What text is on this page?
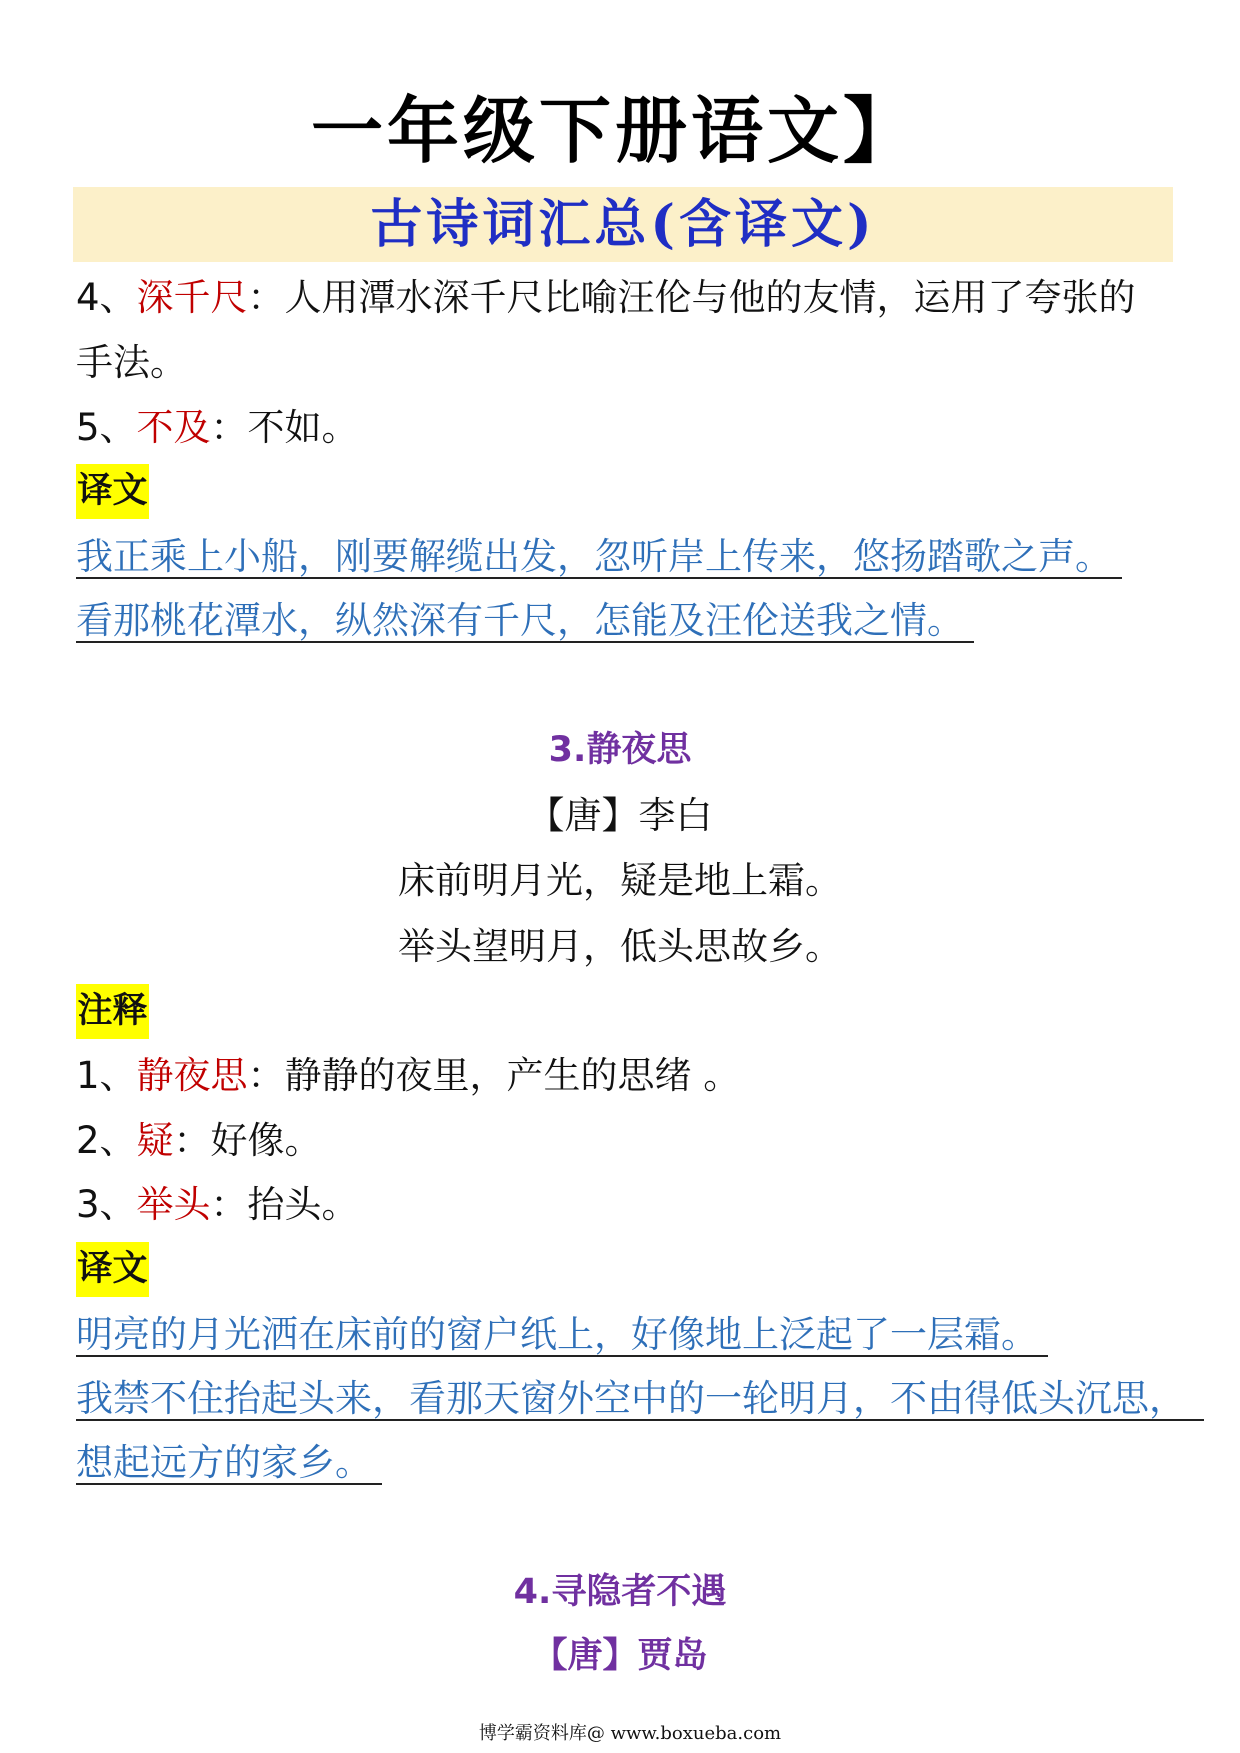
一年级下册语文】
古诗词汇总(含译文)
4、深千尺：人用潭水深千尺比喻汪伦与他的友情，运用了夸张的
手法。
5、不及：不如。
译文
我正乘上小船，刚要解缆出发，忽听岸上传来，悠扬踏歌之声。
看那桃花潭水，纵然深有千尺，怎能及汪伦送我之情。
3.静夜思
【唐】李白
床前明月光，疑是地上霜。
举头望明月，低头思故乡。
注释
1、静夜思：静静的夜里，产生的思绪 。
2、疑：好像。
3、举头：抬头。
译文
明亮的月光洒在床前的窗户纸上，好像地上泛起了一层霜。
我禁不住抬起头来，看那天窗外空中的一轮明月，不由得低头沉思，
想起远方的家乡。
4.寻隐者不遇
【唐】贾岛
博学霸资料库@ www.boxueba.com
